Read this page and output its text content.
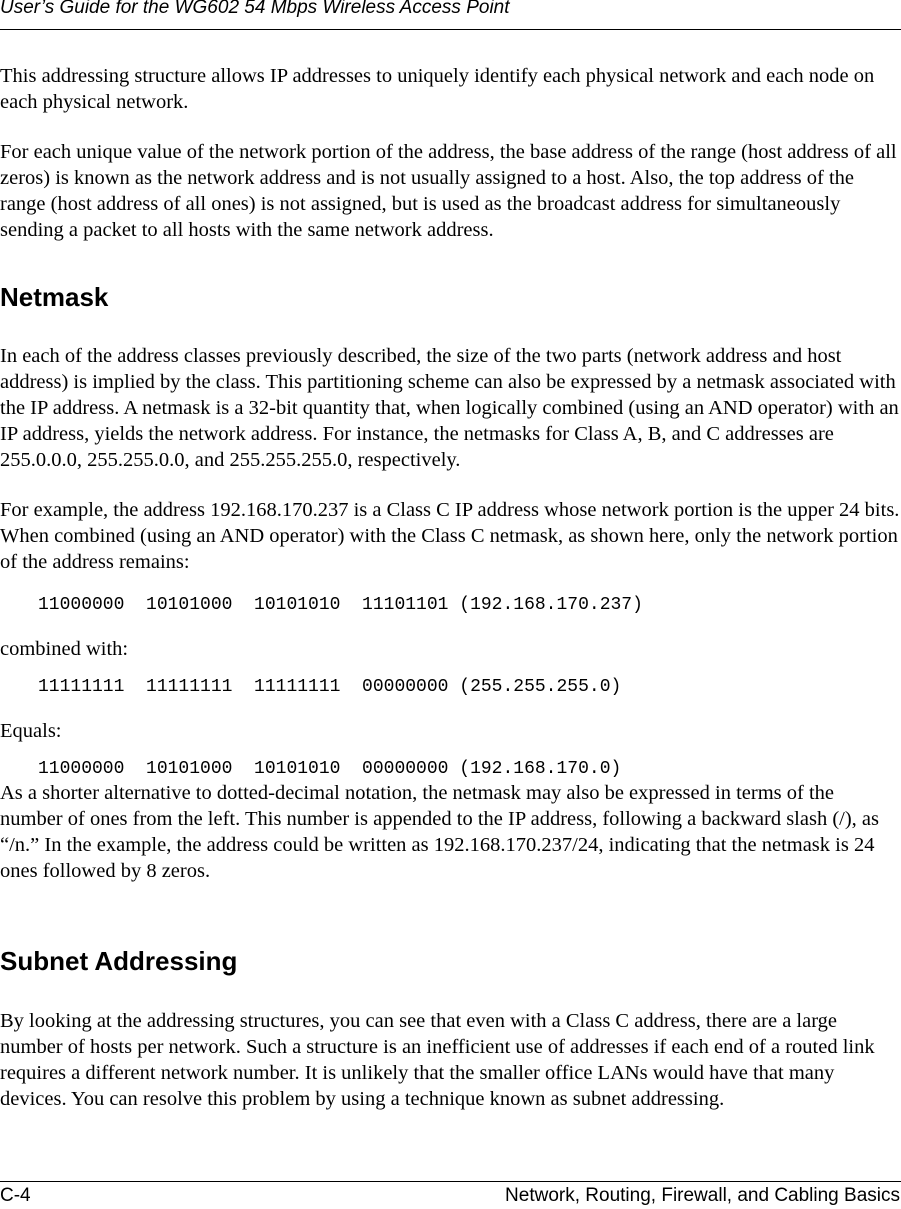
User’s Guide for the WG602 54 Mbps Wireless Access Point

This addressing structure allows IP addresses to uniquely identify each physical network and each node on each physical network.

For each unique value of the network portion of the address, the base address of the range (host address of all zeros) is known as the network address and is not usually assigned to a host. Also, the top address of the range (host address of all ones) is not assigned, but is used as the broadcast address for simultaneously sending a packet to all hosts with the same network address.

Netmask

In each of the address classes previously described, the size of the two parts (network address and host address) is implied by the class. This partitioning scheme can also be expressed by a netmask associated with the IP address. A netmask is a 32-bit quantity that, when logically combined (using an AND operator) with an IP address, yields the network address. For instance, the netmasks for Class A, B, and C addresses are 255.0.0.0, 255.255.0.0, and 255.255.255.0, respectively.

For example, the address 192.168.170.237 is a Class C IP address whose network portion is the upper 24 bits. When combined (using an AND operator) with the Class C netmask, as shown here, only the network portion of the address remains:

11000000  10101000  10101010  11101101 (192.168.170.237)

combined with:

11111111  11111111  11111111  00000000 (255.255.255.0)

Equals:

11000000  10101000  10101010  00000000 (192.168.170.0)

As a shorter alternative to dotted-decimal notation, the netmask may also be expressed in terms of the number of ones from the left. This number is appended to the IP address, following a backward slash (/), as “/n.” In the example, the address could be written as 192.168.170.237/24, indicating that the netmask is 24 ones followed by 8 zeros.

Subnet Addressing

By looking at the addressing structures, you can see that even with a Class C address, there are a large number of hosts per network. Such a structure is an inefficient use of addresses if each end of a routed link requires a different network number. It is unlikely that the smaller office LANs would have that many devices. You can resolve this problem by using a technique known as subnet addressing.

C-4	Network, Routing, Firewall, and Cabling Basics
